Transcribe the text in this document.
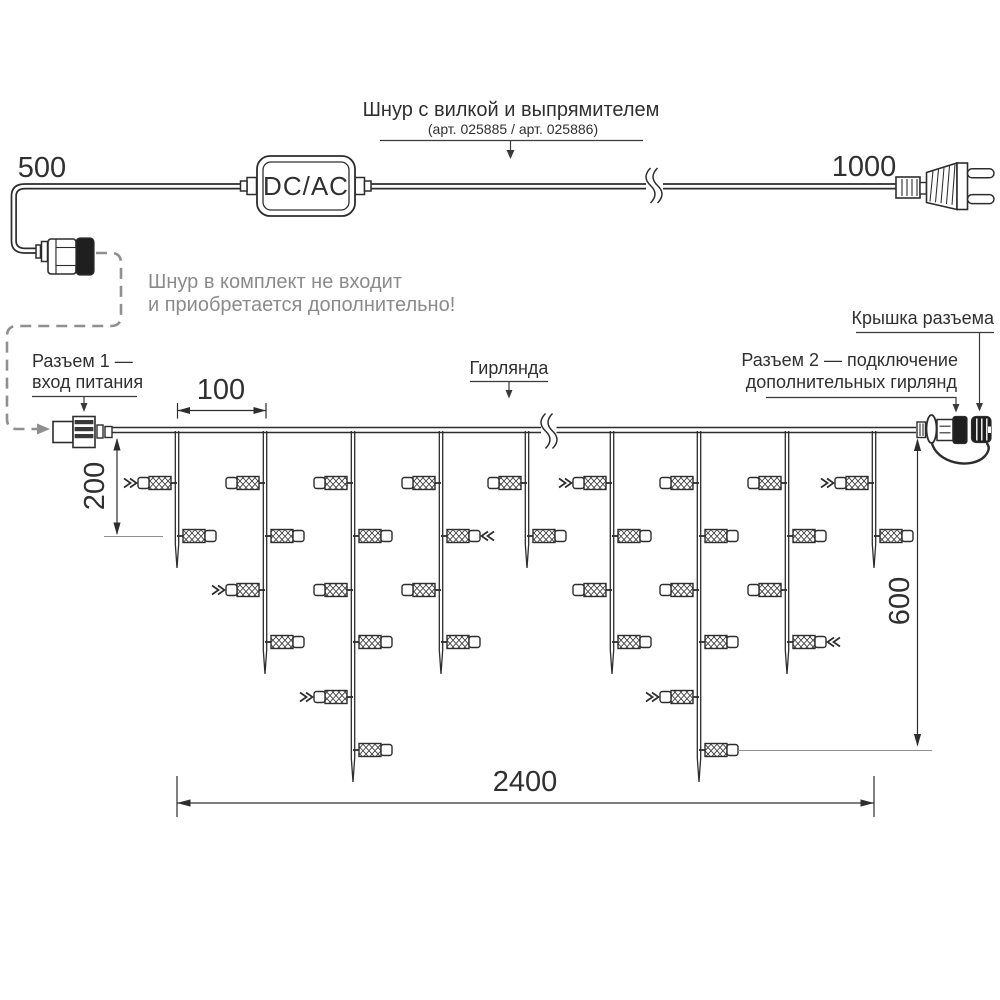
500	1000
Шнур с вилкой и выпрямителем
(арт. 025885 / арт. 025886)
Шнур в комплект не входит
и приобретается дополнительно!
DC/AC
Разъем 1 —
вход питания
Гирлянда	Разъем 2 — подключение
дополнительных гирлянд
Крышка разъема
100
200
600
2400
